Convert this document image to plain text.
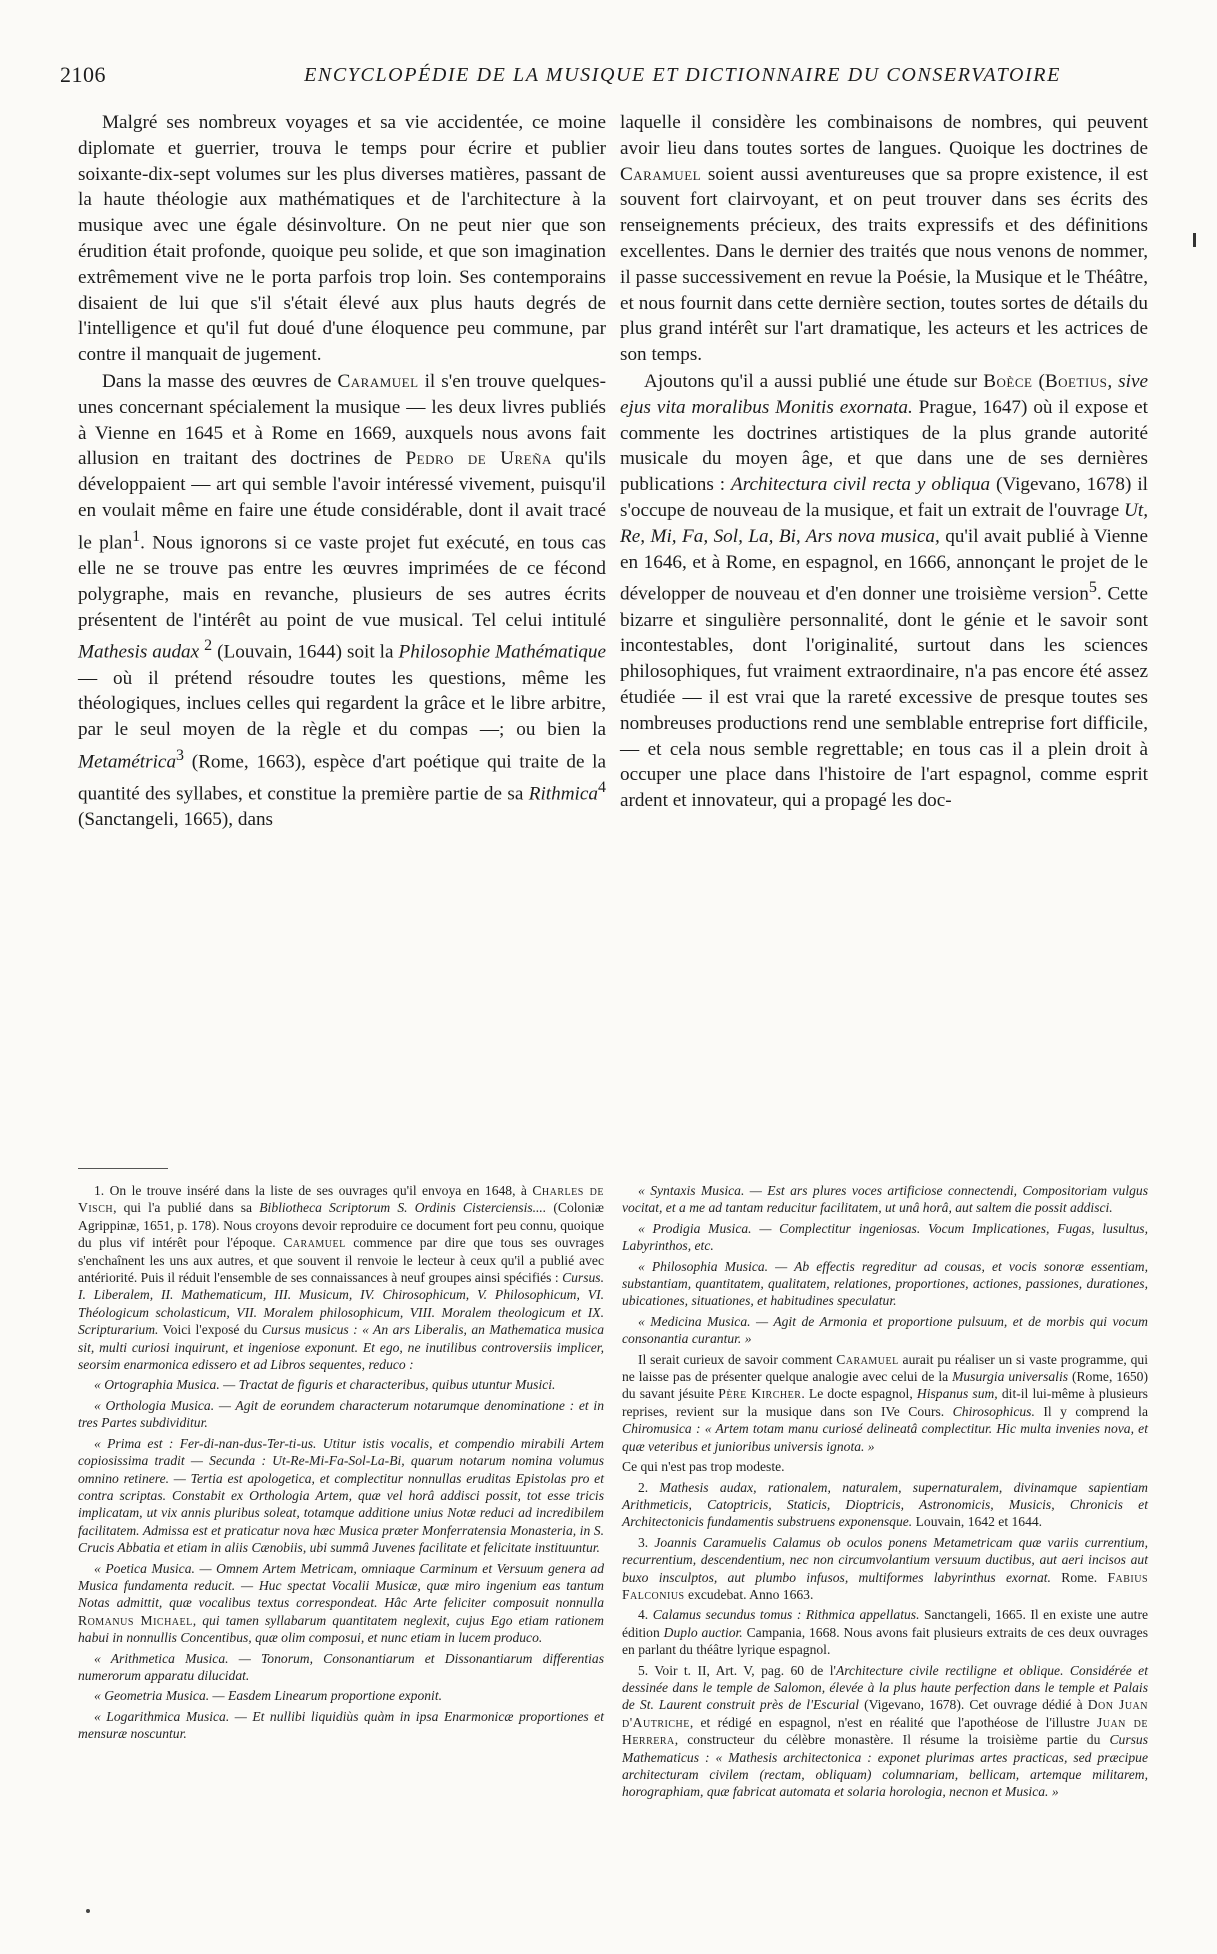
2106	ENCYCLOPÉDIE DE LA MUSIQUE ET DICTIONNAIRE DU CONSERVATOIRE

Malgré ses nombreux voyages et sa vie accidentée, ce moine diplomate et guerrier, trouva le temps pour écrire et publier soixante-dix-sept volumes sur les plus diverses matières, passant de la haute théologie aux mathématiques et de l'architecture à la musique avec une égale désinvolture. On ne peut nier que son érudition était profonde, quoique peu solide, et que son imagination extrêmement vive ne le porta parfois trop loin. Ses contemporains disaient de lui que s'il s'était élevé aux plus hauts degrés de l'intelligence et qu'il fut doué d'une éloquence peu commune, par contre il manquait de jugement.

Dans la masse des œuvres de Caramuel il s'en trouve quelques-unes concernant spécialement la musique — les deux livres publiés à Vienne en 1645 et à Rome en 1669, auxquels nous avons fait allusion en traitant des doctrines de Pedro de Ureña qu'ils développaient — art qui semble l'avoir intéressé vivement, puisqu'il en voulait même en faire une étude considérable, dont il avait tracé le plan$^1$. Nous ignorons si ce vaste projet fut exécuté, en tous cas elle ne se trouve pas entre les œuvres imprimées de ce fécond polygraphe, mais en revanche, plusieurs de ses autres écrits présentent de l'intérêt au point de vue musical. Tel celui intitulé Mathesis audax $^2$ (Louvain, 1644) soit la Philosophie Mathématique — où il prétend résoudre toutes les questions, même les théologiques, inclues celles qui regardent la grâce et le libre arbitre, par le seul moyen de la règle et du compas —; ou bien la Metamétrica$^3$ (Rome, 1663), espèce d'art poétique qui traite de la quantité des syllabes, et constitue la première partie de sa Rithmica$^4$ (Sanctangeli, 1665), dans

laquelle il considère les combinaisons de nombres, qui peuvent avoir lieu dans toutes sortes de langues. Quoique les doctrines de Caramuel soient aussi aventureuses que sa propre existence, il est souvent fort clairvoyant, et on peut trouver dans ses écrits des renseignements précieux, des traits expressifs et des définitions excellentes. Dans le dernier des traités que nous venons de nommer, il passe successivement en revue la Poésie, la Musique et le Théâtre, et nous fournit dans cette dernière section, toutes sortes de détails du plus grand intérêt sur l'art dramatique, les acteurs et les actrices de son temps.

Ajoutons qu'il a aussi publié une étude sur Boèce (Boetius, sive ejus vita moralibus Monitis exornata. Prague, 1647) où il expose et commente les doctrines artistiques de la plus grande autorité musicale du moyen âge, et que dans une de ses dernières publications : Architectura civil recta y obliqua (Vigevano, 1678) il s'occupe de nouveau de la musique, et fait un extrait de l'ouvrage Ut, Re, Mi, Fa, Sol, La, Bi, Ars nova musica, qu'il avait publié à Vienne en 1646, et à Rome, en espagnol, en 1666, annonçant le projet de le développer de nouveau et d'en donner une troisième version$^5$. Cette bizarre et singulière personnalité, dont le génie et le savoir sont incontestables, dont l'originalité, surtout dans les sciences philosophiques, fut vraiment extraordinaire, n'a pas encore été assez étudiée — il est vrai que la rareté excessive de presque toutes ses nombreuses productions rend une semblable entreprise fort difficile, — et cela nous semble regrettable; en tous cas il a plein droit à occuper une place dans l'histoire de l'art espagnol, comme esprit ardent et innovateur, qui a propagé les doc-

1. On le trouve inséré dans la liste de ses ouvrages qu'il envoya en 1648, à Charles de Visch, qui l'a publié dans sa Bibliotheca Scriptorum S. Ordinis Cisterciensis.... (Coloniæ Agrippinæ, 1651, p. 178). Nous croyons devoir reproduire ce document fort peu connu, quoique du plus vif intérêt pour l'époque. Caramuel commence par dire que tous ses ouvrages s'enchaînent les uns aux autres, et que souvent il renvoie le lecteur à ceux qu'il a publié avec antériorité. Puis il réduit l'ensemble de ses connaissances à neuf groupes ainsi spécifiés : Cursus. I. Liberalem, II. Mathematicum, III. Musicum, IV. Chirosophicum, V. Philosophicum, VI. Théologicum scholasticum, VII. Moralem philosophicum, VIII. Moralem theologicum et IX. Scripturarium. Voici l'exposé du Cursus musicus : « An ars Liberalis, an Mathematica musica sit, multi curiosi inquirunt, et ingeniose exponunt. Et ego, ne inutilibus controversiis implicer, seorsim enarmonica edissero et ad Libros sequentes, reduco :

« Ortographia Musica. — Tractat de figuris et characteribus, quibus utuntur Musici.

« Orthologia Musica. — Agit de eorundem characterum notarumque denominatione : et in tres Partes subdividitur.

« Prima est : Fer-di-nan-dus-Ter-ti-us. Utitur istis vocalis, et compendio mirabili Artem copiosissima tradit — Secunda : Ut-Re-Mi-Fa-Sol-La-Bi, quarum notarum nomina volumus omnino retinere. — Tertia est apologetica, et complectitur nonnullas eruditas Epistolas pro et contra scriptas. Constabit ex Orthologia Artem, quæ vel horâ addisci possit, tot esse tricis implicatam, ut vix annis pluribus soleat, totamque additione unius Notæ reduci ad incredibilem facilitatem. Admissa est et praticatur nova hæc Musica præter Monferratensia Monasteria, in S. Crucis Abbatia et etiam in aliis Cænobiis, ubi summâ Juvenes facilitate et felicitate instituuntur.

« Poetica Musica. — Omnem Artem Metricam, omniaque Carminum et Versuum genera ad Musica fundamenta reducit. — Huc spectat Vocalii Musicæ, quæ miro ingenium eas tantum Notas admittit, quæ vocalibus textus correspondeat. Hâc Arte feliciter composuit nonnulla Romanus Michael, qui tamen syllabarum quantitatem neglexit, cujus Ego etiam rationem habui in nonnullis Concentibus, quæ olim composui, et nunc etiam in lucem produco.

« Arithmetica Musica. — Tonorum, Consonantiarum et Dissonantiarum differentias numerorum apparatu dilucidat.

« Geometria Musica. — Easdem Linearum proportione exponit.

« Logarithmica Musica. — Et nullibi liquidiùs quàm in ipsa Enarmonicæ proportiones et mensuræ noscuntur.

« Syntaxis Musica. — Est ars plures voces artificiose connectendi, Compositoriam vulgus vocitat, et a me ad tantam reducitur facilitatem, ut unâ horâ, aut saltem die possit addisci.

« Prodigia Musica. — Complectitur ingeniosas. Vocum Implicationes, Fugas, lusultus, Labyrinthos, etc.

« Philosophia Musica. — Ab effectis regreditur ad cousas, et vocis sonoræ essentiam, substantiam, quantitatem, qualitatem, relationes, proportiones, actiones, passiones, durationes, ubicationes, situationes, et habitudines speculatur.

« Medicina Musica. — Agit de Armonia et proportione pulsuum, et de morbis qui vocum consonantia curantur. »

Il serait curieux de savoir comment Caramuel aurait pu réaliser un si vaste programme, qui ne laisse pas de présenter quelque analogie avec celui de la Musurgia universalis (Rome, 1650) du savant jésuite Père Kircher. Le docte espagnol, Hispanus sum, dit-il lui-même à plusieurs reprises, revient sur la musique dans son IVe Cours. Chirosophicus. Il y comprend la Chiromusica : « Artem totam manu curiosé delineatâ complectitur. Hic multa invenies nova, et quæ veteribus et junioribus universis ignota. »

Ce qui n'est pas trop modeste.

2. Mathesis audax, rationalem, naturalem, supernaturalem, divinamque sapientiam Arithmeticis, Catoptricis, Staticis, Dioptricis, Astronomicis, Musicis, Chronicis et Architectonicis fundamentis substruens exponensque. Louvain, 1642 et 1644.

3. Joannis Caramuelis Calamus ob oculos ponens Metametricam quæ variis currentium, recurrentium, descendentium, nec non circumvolantium versuum ductibus, aut aeri incisos aut buxo insculptos, aut plumbo infusos, multiformes labyrinthus exornat. Rome. Fabius Falconius excudebat. Anno 1663.

4. Calamus secundus tomus : Rithmica appellatus. Sanctangeli, 1665. Il en existe une autre édition Duplo auctior. Campania, 1668. Nous avons fait plusieurs extraits de ces deux ouvrages en parlant du théâtre lyrique espagnol.

5. Voir t. II, Art. V, pag. 60 de l'Architecture civile rectiligne et oblique. Considérée et dessinée dans le temple de Salomon, élevée à la plus haute perfection dans le temple et Palais de St. Laurent construit près de l'Escurial (Vigevano, 1678). Cet ouvrage dédié à Don Juan d'Autriche, et rédigé en espagnol, n'est en réalité que l'apothéose de l'illustre Juan de Herrera, constructeur du célèbre monastère. Il résume la troisième partie du Cursus Mathematicus : « Mathesis architectonica : exponet plurimas artes practicas, sed præcipue architecturam civilem (rectam, obliquam) columnariam, bellicam, artemque militarem, horographiam, quæ fabricat automata et solaria horologia, necnon et Musica. »
